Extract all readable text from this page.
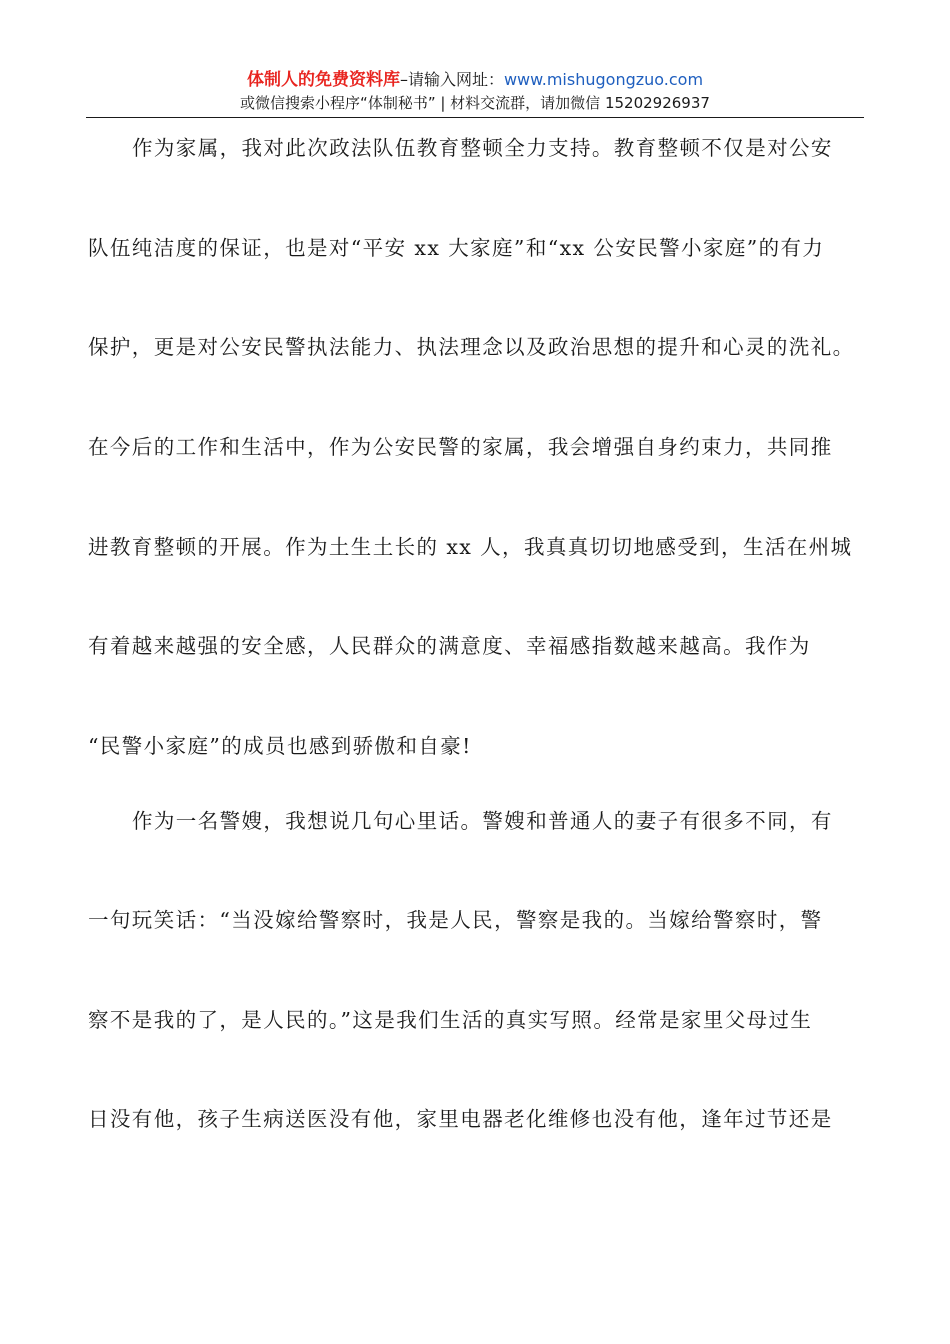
体制人的免费资料库–请输入网址：www.mishugongzuo.com
或微信搜索小程序“体制秘书” | 材料交流群，请加微信 15202926937
作为家属，我对此次政法队伍教育整顿全力支持。教育整顿不仅是对公安
队伍纯洁度的保证，也是对“平安 xx 大家庭”和“xx 公安民警小家庭”的有力
保护，更是对公安民警执法能力、执法理念以及政治思想的提升和心灵的洗礼。
在今后的工作和生活中，作为公安民警的家属，我会增强自身约束力，共同推
进教育整顿的开展。作为土生土长的 xx 人，我真真切切地感受到，生活在州城
有着越来越强的安全感，人民群众的满意度、幸福感指数越来越高。我作为
“民警小家庭”的成员也感到骄傲和自豪!
作为一名警嫂，我想说几句心里话。警嫂和普通人的妻子有很多不同，有
一句玩笑话：“当没嫁给警察时，我是人民，警察是我的。当嫁给警察时，警
察不是我的了，是人民的。”这是我们生活的真实写照。经常是家里父母过生
日没有他，孩子生病送医没有他，家里电器老化维修也没有他，逢年过节还是
